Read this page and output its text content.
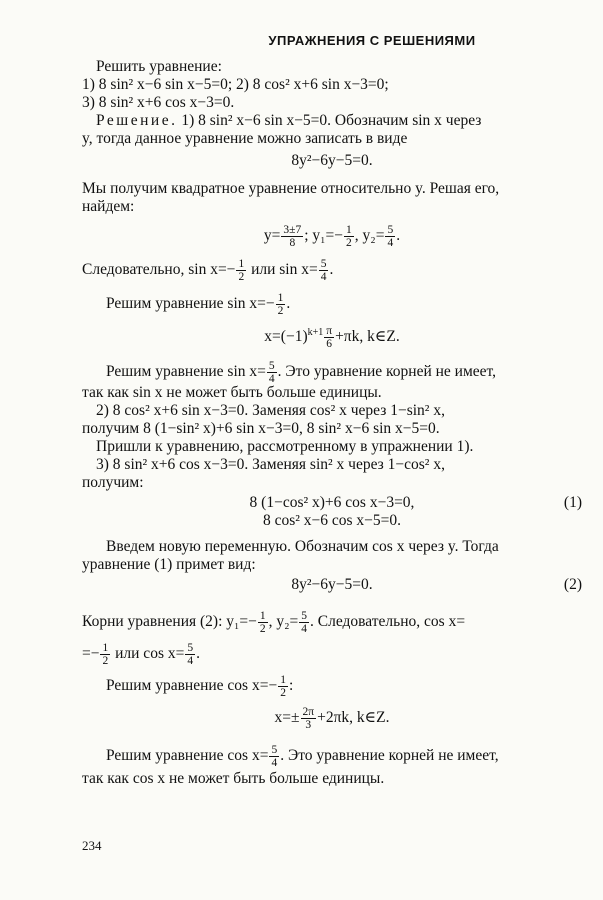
УПРАЖНЕНИЯ С РЕШЕНИЯМИ
Решить уравнение:
1) 8 sin² x−6 sin x−5=0; 2) 8 cos² x+6 sin x−3=0;
3) 8 sin² x+6 cos x−3=0.
Решение. 1) 8 sin² x−6 sin x−5=0. Обозначим sin x через
y, тогда данное уравнение можно записать в виде
8y²−6y−5=0.
Мы получим квадратное уравнение относительно y. Решая его,
найдем:
$y= \frac{3\pm 7}{8}$ ; $y_1=- \frac{1}{2}$ , $y_2= \frac{5}{4}$ .
Следовательно, $\sin x=- \frac{1}{2}$ или $\sin x= \frac{5}{4}$ .
Решим уравнение $\sin x=- \frac{1}{2}$ .
$x=(-1)^{k+1} \frac{\pi}{6} +\pi k$, k∈Z.
Решим уравнение $\sin x= \frac{5}{4}$ . Это уравнение корней не имеет,
так как sin x не может быть больше единицы.
2) 8 cos² x+6 sin x−3=0. Заменяя cos² x через 1−sin² x,
получим 8 (1−sin² x)+6 sin x−3=0, 8 sin² x−6 sin x−5=0.
Пришли к уравнению, рассмотренному в упражнении 1).
3) 8 sin² x+6 cos x−3=0. Заменяя sin² x через 1−cos² x,
получим:
8 (1−cos² x)+6 cos x−3=0,	(1)
8 cos² x−6 cos x−5=0.
Введем новую переменную. Обозначим cos x через y. Тогда
уравнение (1) примет вид:
8y²−6y−5=0.	(2)
Корни уравнения (2): $y_1=- \frac{1}{2}$ , $y_2= \frac{5}{4}$ . Следовательно, cos x=
=− $\frac{1}{2}$ или $\cos x= \frac{5}{4}$ .
Решим уравнение $\cos x=- \frac{1}{2}$ :
$x=\pm \frac{2\pi}{3} +2\pi k$, k∈Z.
Решим уравнение $\cos x= \frac{5}{4}$ . Это уравнение корней не имеет,
так как cos x не может быть больше единицы.
234
